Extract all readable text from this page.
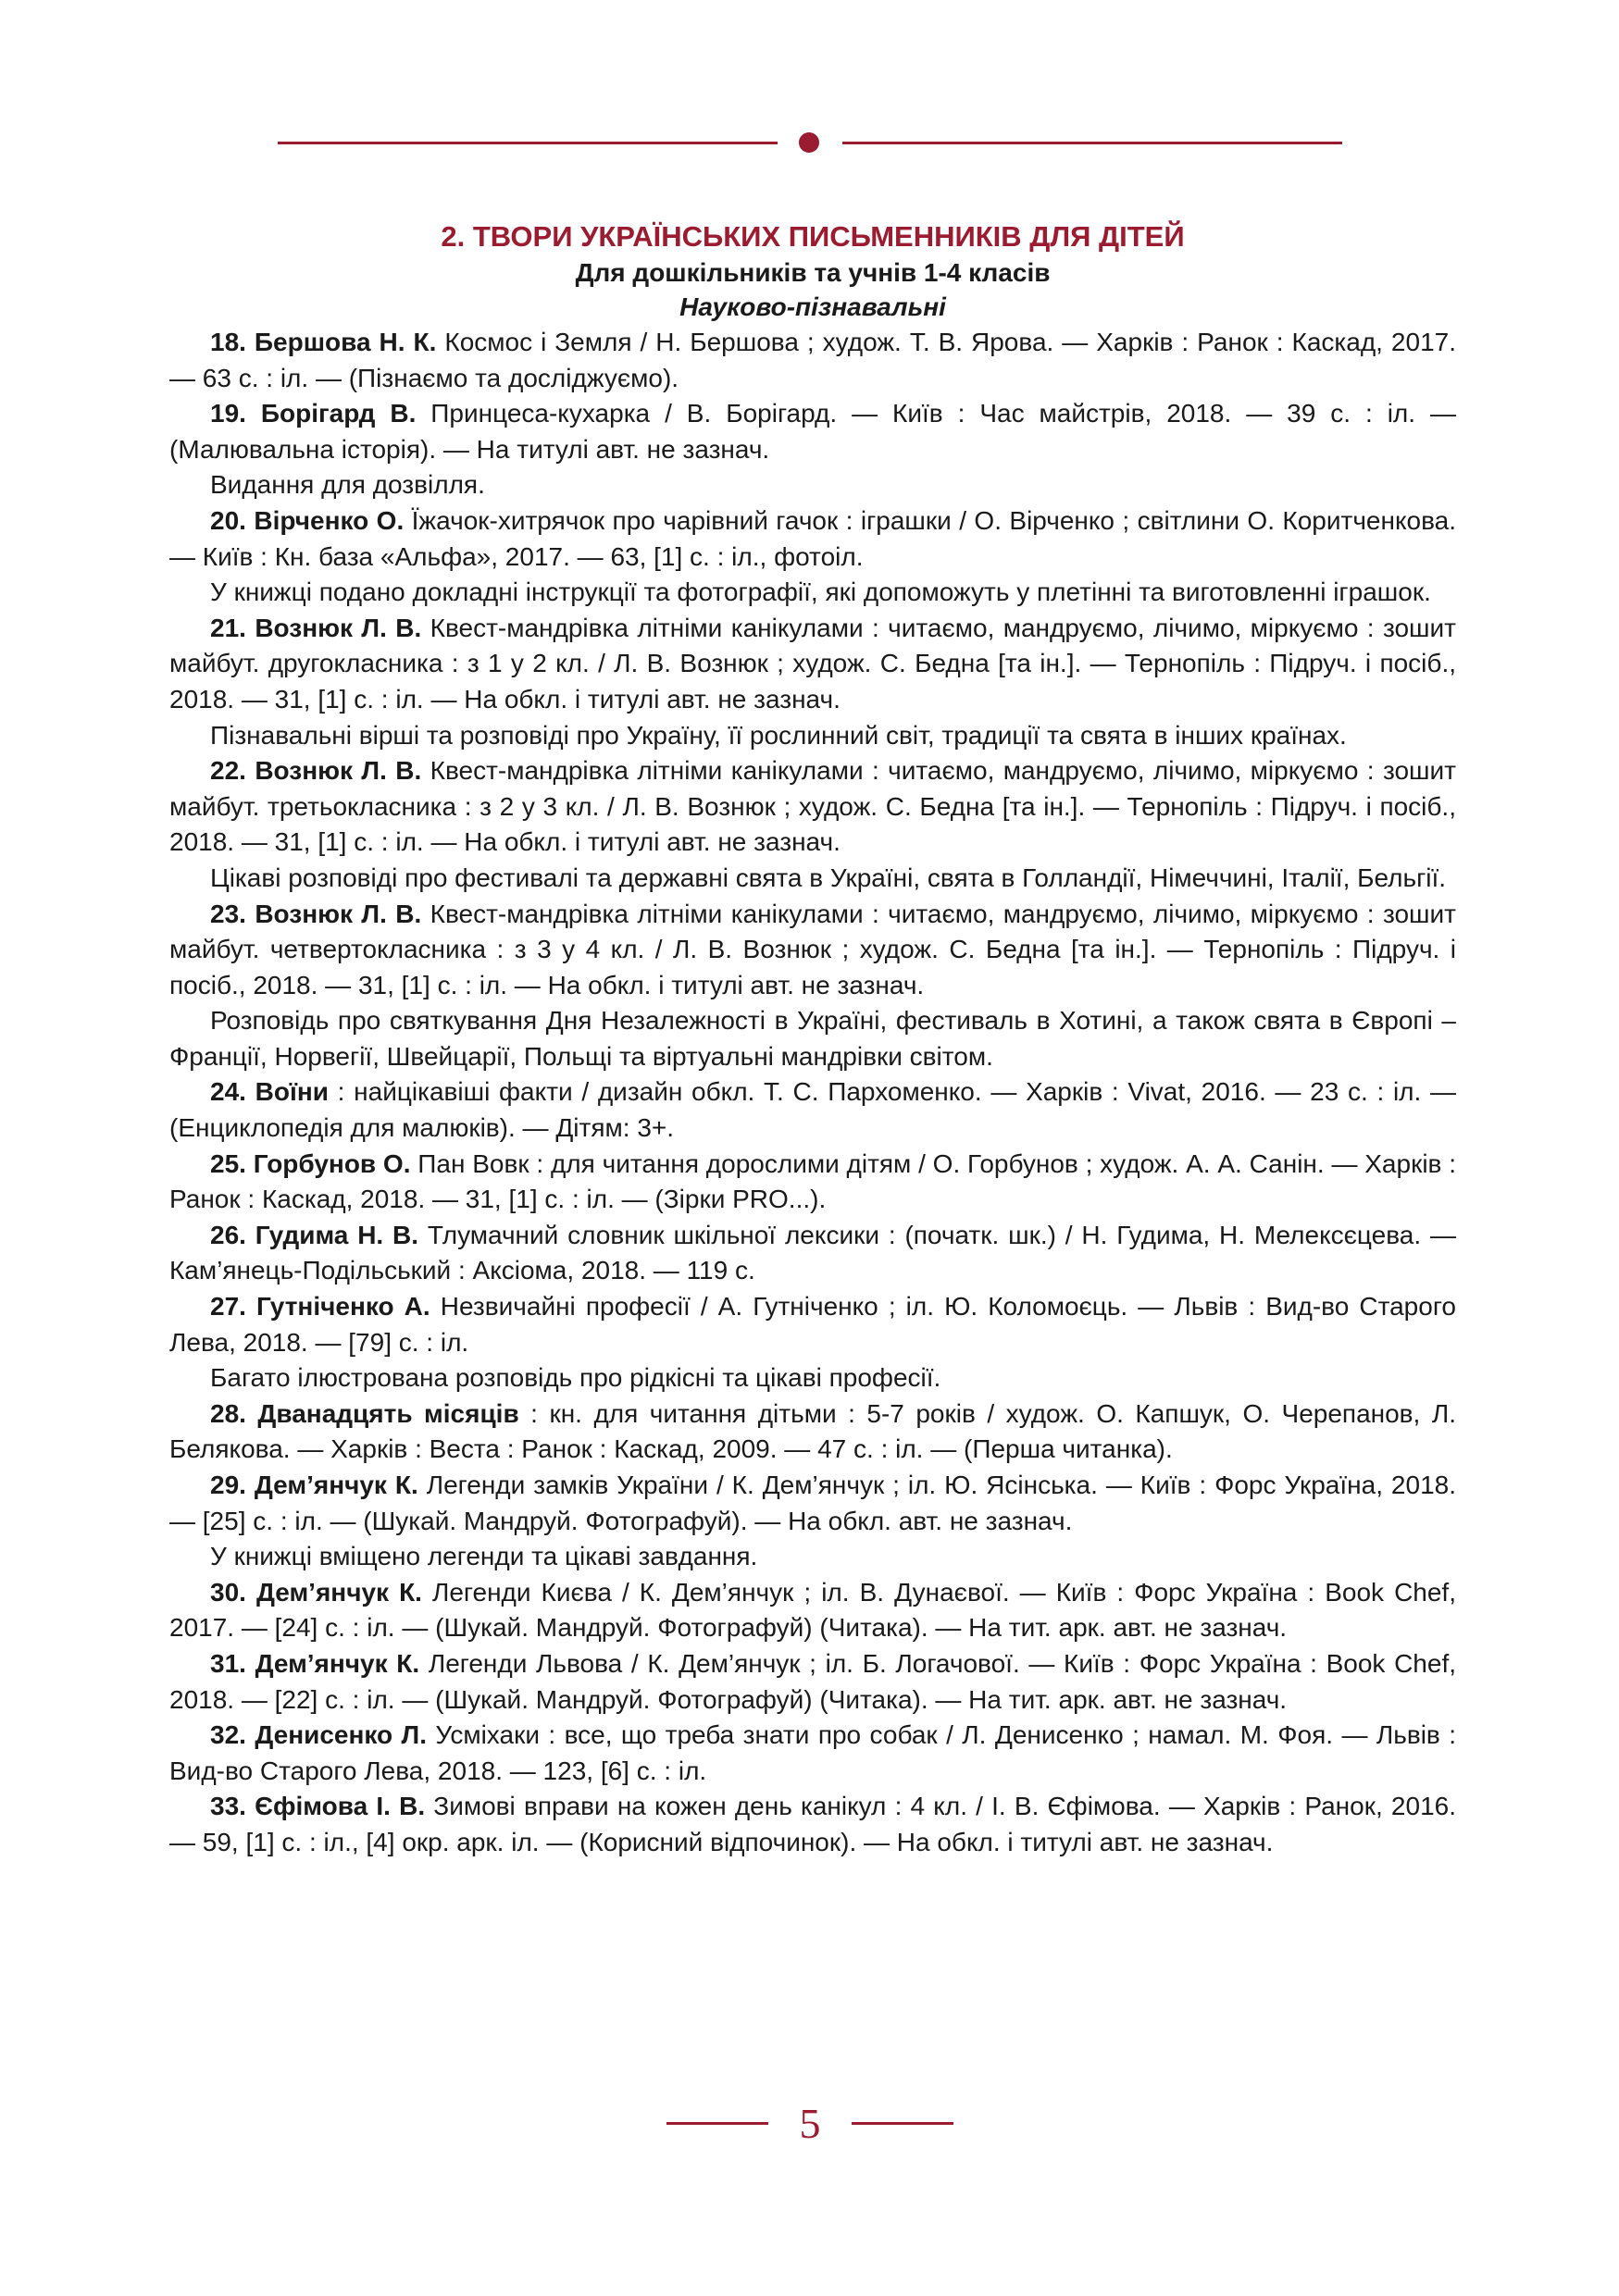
2. ТВОРИ УКРАЇНСЬКИХ ПИСЬМЕННИКІВ ДЛЯ ДІТЕЙ
Для дошкільників та учнів 1-4 класів
Науково-пізнавальні

18. Бершова Н. К. Космос і Земля / Н. Бершова ; худож. Т. В. Ярова. — Харків : Ранок : Каскад, 2017. — 63 с. : іл. — (Пізнаємо та досліджуємо).

19. Борігард В. Принцеса-кухарка / В. Борігард. — Київ : Час майстрів, 2018. — 39 с. : іл. — (Малювальна історія). — На титулі авт. не зазнач.

Видання для дозвілля.

20. Вірченко О. Їжачок-хитрячок про чарівний гачок : іграшки / О. Вірченко ; світлини О. Коритченкова. — Київ : Кн. база «Альфа», 2017. — 63, [1] с. : іл., фотоіл.

У книжці подано докладні інструкції та фотографії, які допоможуть у плетінні та виготовленні іграшок.

21. Вознюк Л. В. Квест-мандрівка літніми канікулами : читаємо, мандруємо, лічимо, міркуємо : зошит майбут. другокласника : з 1 у 2 кл. / Л. В. Вознюк ; худож. С. Бедна [та ін.]. — Тернопіль : Підруч. і посіб., 2018. — 31, [1] с. : іл. — На обкл. і титулі авт. не зазнач.

Пізнавальні вірші та розповіді про Україну, її рослинний світ, традиції та свята в інших країнах.

22. Вознюк Л. В. Квест-мандрівка літніми канікулами : читаємо, мандруємо, лічимо, міркуємо : зошит майбут. третьокласника : з 2 у 3 кл. / Л. В. Вознюк ; худож. С. Бедна [та ін.]. — Тернопіль : Підруч. і посіб., 2018. — 31, [1] с. : іл. — На обкл. і титулі авт. не зазнач.

Цікаві розповіді про фестивалі та державні свята в Україні, свята в Голландії, Німеччині, Італії, Бельгії.

23. Вознюк Л. В. Квест-мандрівка літніми канікулами : читаємо, мандруємо, лічимо, міркуємо : зошит майбут. четвертокласника : з 3 у 4 кл. / Л. В. Вознюк ; худож. С. Бедна [та ін.]. — Тернопіль : Підруч. і посіб., 2018. — 31, [1] с. : іл. — На обкл. і титулі авт. не зазнач.

Розповідь про святкування Дня Незалежності в Україні, фестиваль в Хотині, а також свята в Європі – Франції, Норвегії, Швейцарії, Польщі та віртуальні мандрівки світом.

24. Воїни : найцікавіші факти / дизайн обкл. Т. С. Пархоменко. — Харків : Vivat, 2016. — 23 с. : іл. — (Енциклопедія для малюків). — Дітям: 3+.

25. Горбунов О. Пан Вовк : для читання дорослими дітям / О. Горбунов ; худож. А. А. Санін. — Харків : Ранок : Каскад, 2018. — 31, [1] с. : іл. — (Зірки PRO...).

26. Гудима Н. В. Тлумачний словник шкільної лексики : (початк. шк.) / Н. Гудима, Н. Мелексєцева. — Кам’янець-Подільський : Аксіома, 2018. — 119 с.

27. Гутніченко А. Незвичайні професії / А. Гутніченко ; іл. Ю. Коломоєць. — Львів : Вид-во Старого Лева, 2018. — [79] с. : іл.

Багато ілюстрована розповідь про рідкісні та цікаві професії.

28. Дванадцять місяців : кн. для читання дітьми : 5-7 років / худож. О. Капшук, О. Черепанов, Л. Белякова. — Харків : Веста : Ранок : Каскад, 2009. — 47 с. : іл. — (Перша читанка).

29. Дем’янчук К. Легенди замків України / К. Дем’янчук ; іл. Ю. Ясінська. — Київ : Форс Україна, 2018. — [25] с. : іл. — (Шукай. Мандруй. Фотографуй). — На обкл. авт. не зазнач.

У книжці вміщено легенди та цікаві завдання.

30. Дем’янчук К. Легенди Києва / К. Дем’янчук ; іл. В. Дунаєвої. — Київ : Форс Україна : Book Chef, 2017. — [24] с. : іл. — (Шукай. Мандруй. Фотографуй) (Читака). — На тит. арк. авт. не зазнач.

31. Дем’янчук К. Легенди Львова / К. Дем’янчук ; іл. Б. Логачової. — Київ : Форс Україна : Book Chef, 2018. — [22] с. : іл. — (Шукай. Мандруй. Фотографуй) (Читака). — На тит. арк. авт. не зазнач.

32. Денисенко Л. Усміхаки : все, що треба знати про собак / Л. Денисенко ; намал. М. Фоя. — Львів : Вид-во Старого Лева, 2018. — 123, [6] с. : іл.

33. Єфімова І. В. Зимові вправи на кожен день канікул : 4 кл. / І. В. Єфімова. — Харків : Ранок, 2016. — 59, [1] с. : іл., [4] окр. арк. іл. — (Корисний відпочинок). — На обкл. і титулі авт. не зазнач.

5
